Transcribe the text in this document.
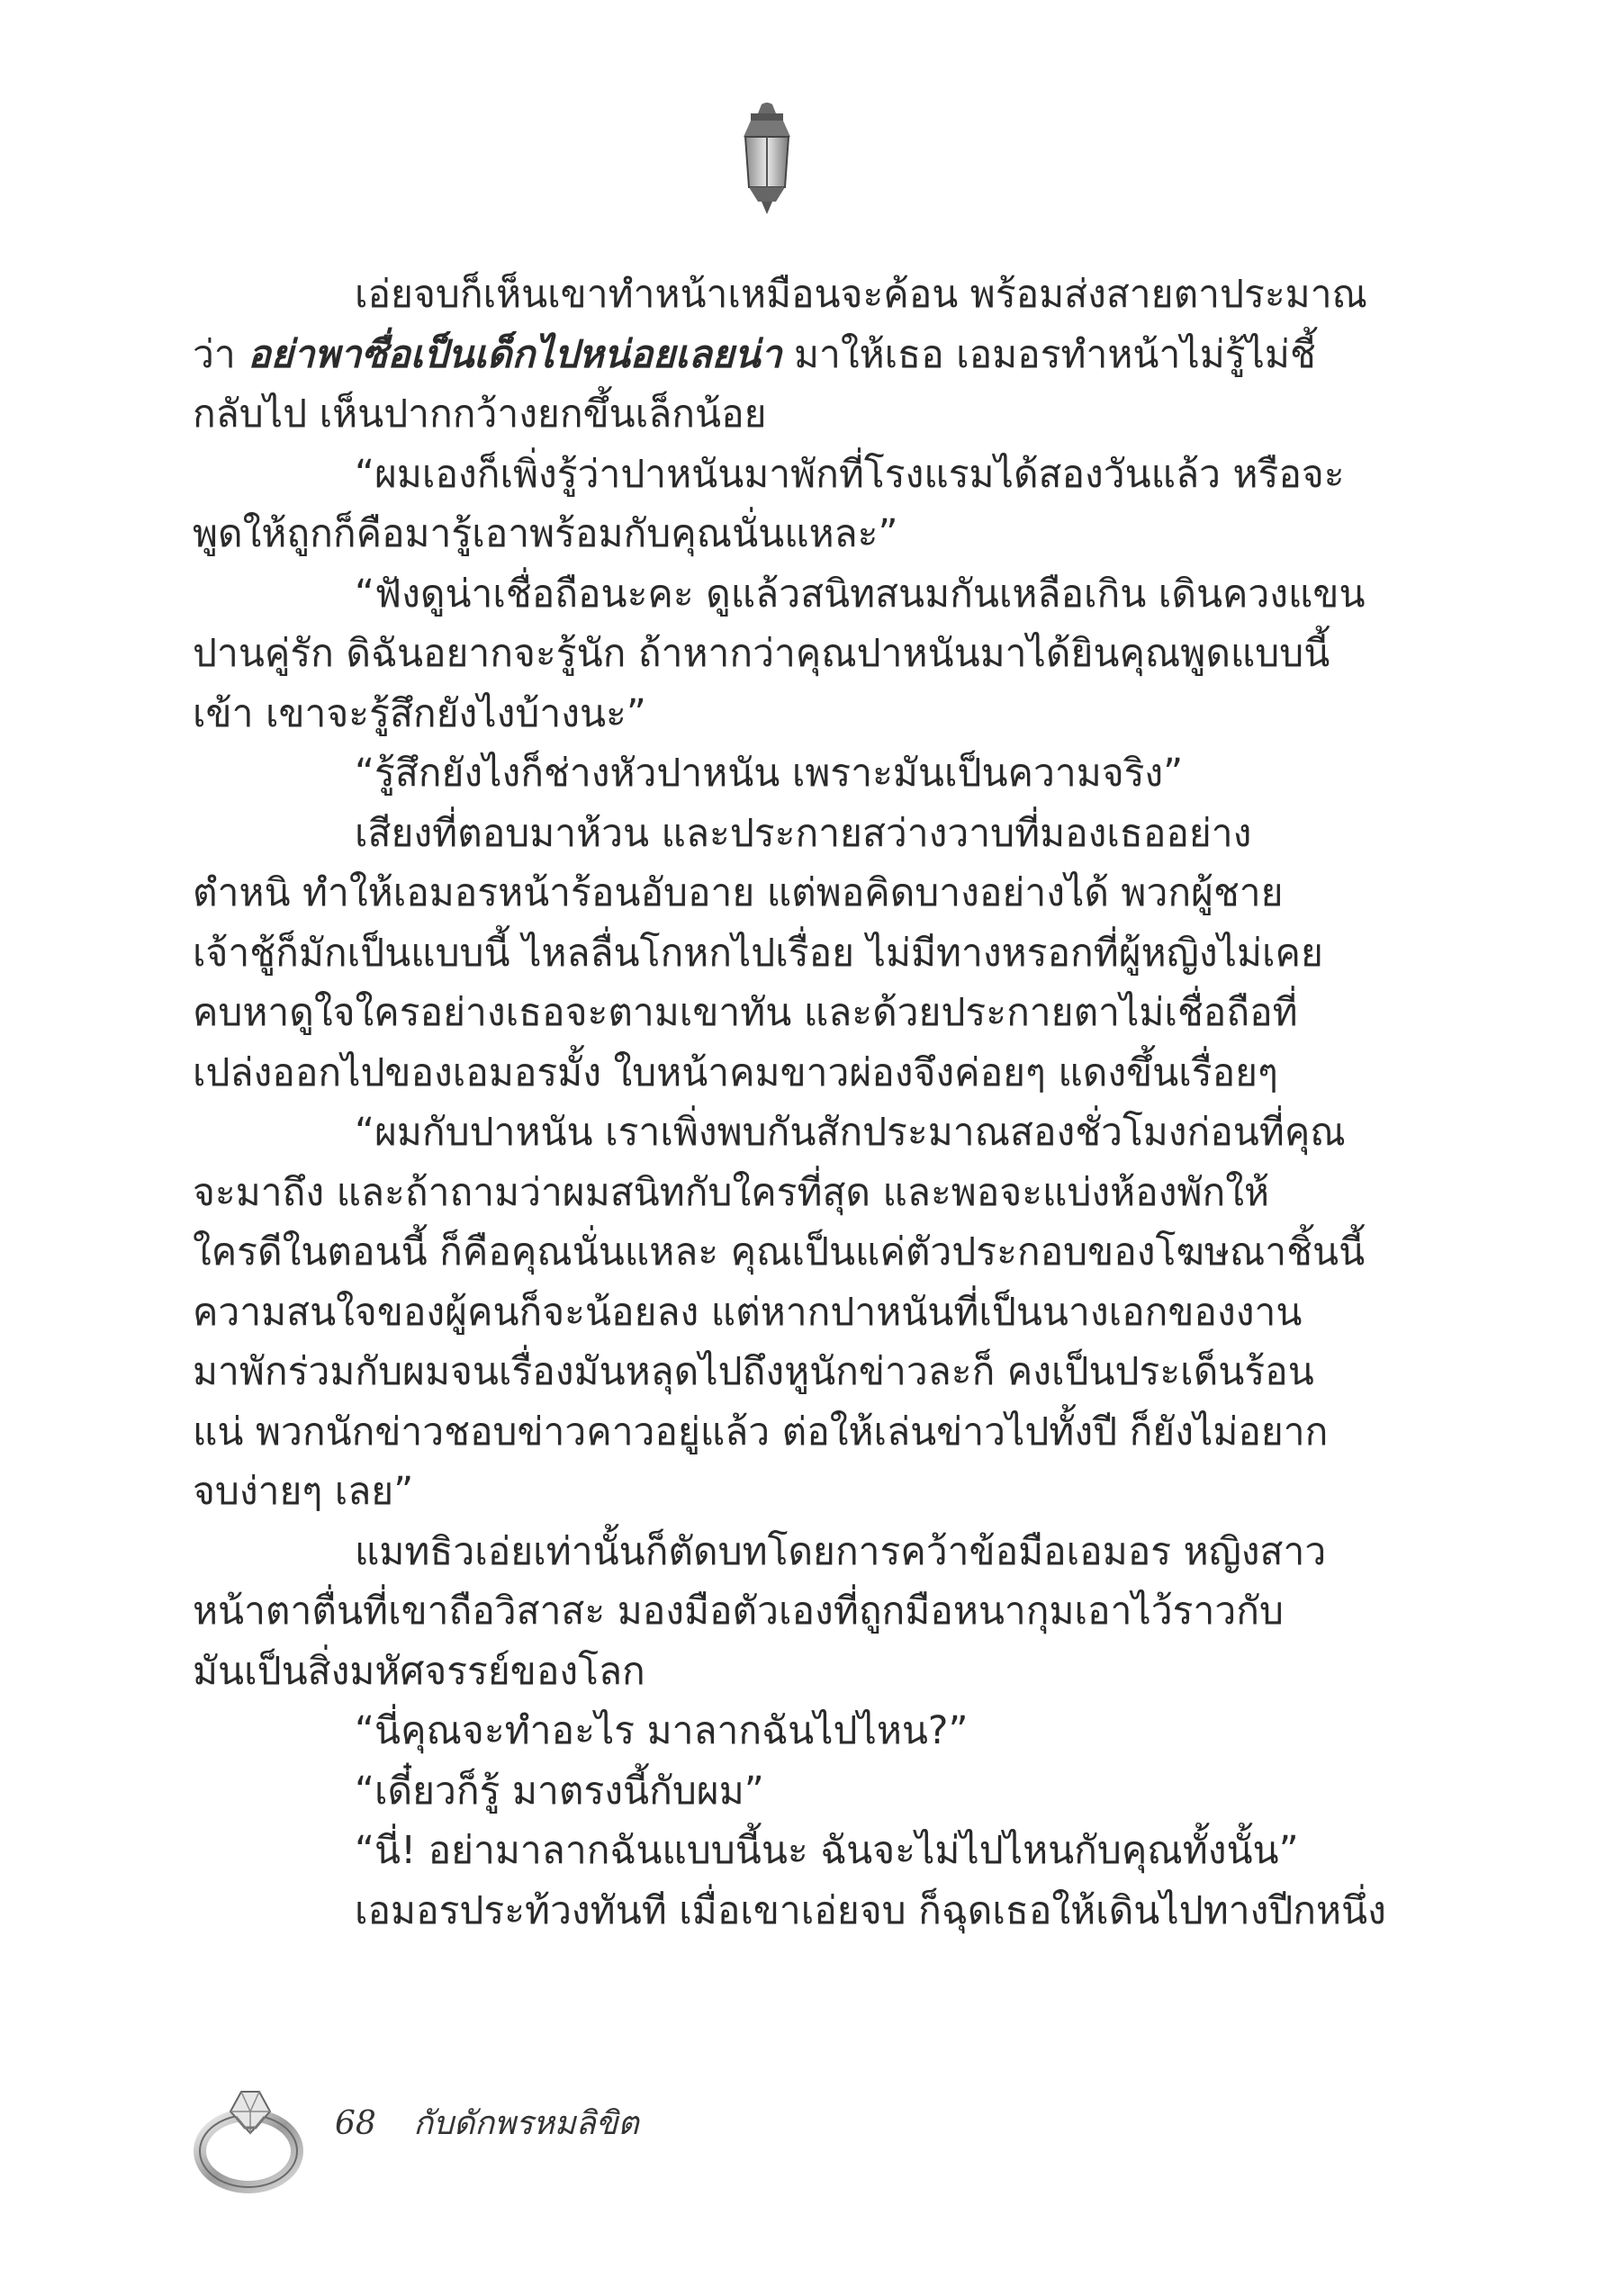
เอ่ยจบก็เห็นเขาทำหน้าเหมือนจะค้อน พร้อมส่งสายตาประมาณ
ว่า อย่าพาซื่อเป็นเด็กไปหน่อยเลยน่า มาให้เธอ เอมอรทำหน้าไม่รู้ไม่ชี้
กลับไป เห็นปากกว้างยกขึ้นเล็กน้อย
“ผมเองก็เพิ่งรู้ว่าปาหนันมาพักที่โรงแรมได้สองวันแล้ว หรือจะ
พูดให้ถูกก็คือมารู้เอาพร้อมกับคุณนั่นแหละ”
“ฟังดูน่าเชื่อถือนะคะ ดูแล้วสนิทสนมกันเหลือเกิน เดินควงแขน
ปานคู่รัก ดิฉันอยากจะรู้นัก ถ้าหากว่าคุณปาหนันมาได้ยินคุณพูดแบบนี้
เข้า เขาจะรู้สึกยังไงบ้างนะ”
“รู้สึกยังไงก็ช่างหัวปาหนัน เพราะมันเป็นความจริง”
เสียงที่ตอบมาห้วน และประกายสว่างวาบที่มองเธออย่าง
ตำหนิ ทำให้เอมอรหน้าร้อนอับอาย แต่พอคิดบางอย่างได้ พวกผู้ชาย
เจ้าชู้ก็มักเป็นแบบนี้ ไหลลื่นโกหกไปเรื่อย ไม่มีทางหรอกที่ผู้หญิงไม่เคย
คบหาดูใจใครอย่างเธอจะตามเขาทัน และด้วยประกายตาไม่เชื่อถือที่
เปล่งออกไปของเอมอรมั้ง ใบหน้าคมขาวผ่องจึงค่อยๆ แดงขึ้นเรื่อยๆ
“ผมกับปาหนัน เราเพิ่งพบกันสักประมาณสองชั่วโมงก่อนที่คุณ
จะมาถึง และถ้าถามว่าผมสนิทกับใครที่สุด และพอจะแบ่งห้องพักให้
ใครดีในตอนนี้ ก็คือคุณนั่นแหละ คุณเป็นแค่ตัวประกอบของโฆษณาชิ้นนี้
ความสนใจของผู้คนก็จะน้อยลง แต่หากปาหนันที่เป็นนางเอกของงาน
มาพักร่วมกับผมจนเรื่องมันหลุดไปถึงหูนักข่าวละก็ คงเป็นประเด็นร้อน
แน่ พวกนักข่าวชอบข่าวคาวอยู่แล้ว ต่อให้เล่นข่าวไปทั้งปี ก็ยังไม่อยาก
จบง่ายๆ เลย”
แมทธิวเอ่ยเท่านั้นก็ตัดบทโดยการคว้าข้อมือเอมอร หญิงสาว
หน้าตาตื่นที่เขาถือวิสาสะ มองมือตัวเองที่ถูกมือหนากุมเอาไว้ราวกับ
มันเป็นสิ่งมหัศจรรย์ของโลก
“นี่คุณจะทำอะไร มาลากฉันไปไหน?”
“เดี๋ยวก็รู้ มาตรงนี้กับผม”
“นี่! อย่ามาลากฉันแบบนี้นะ ฉันจะไม่ไปไหนกับคุณทั้งนั้น”
เอมอรประท้วงทันที เมื่อเขาเอ่ยจบ ก็ฉุดเธอให้เดินไปทางปีกหนึ่ง
68 กับดักพรหมลิขิต
